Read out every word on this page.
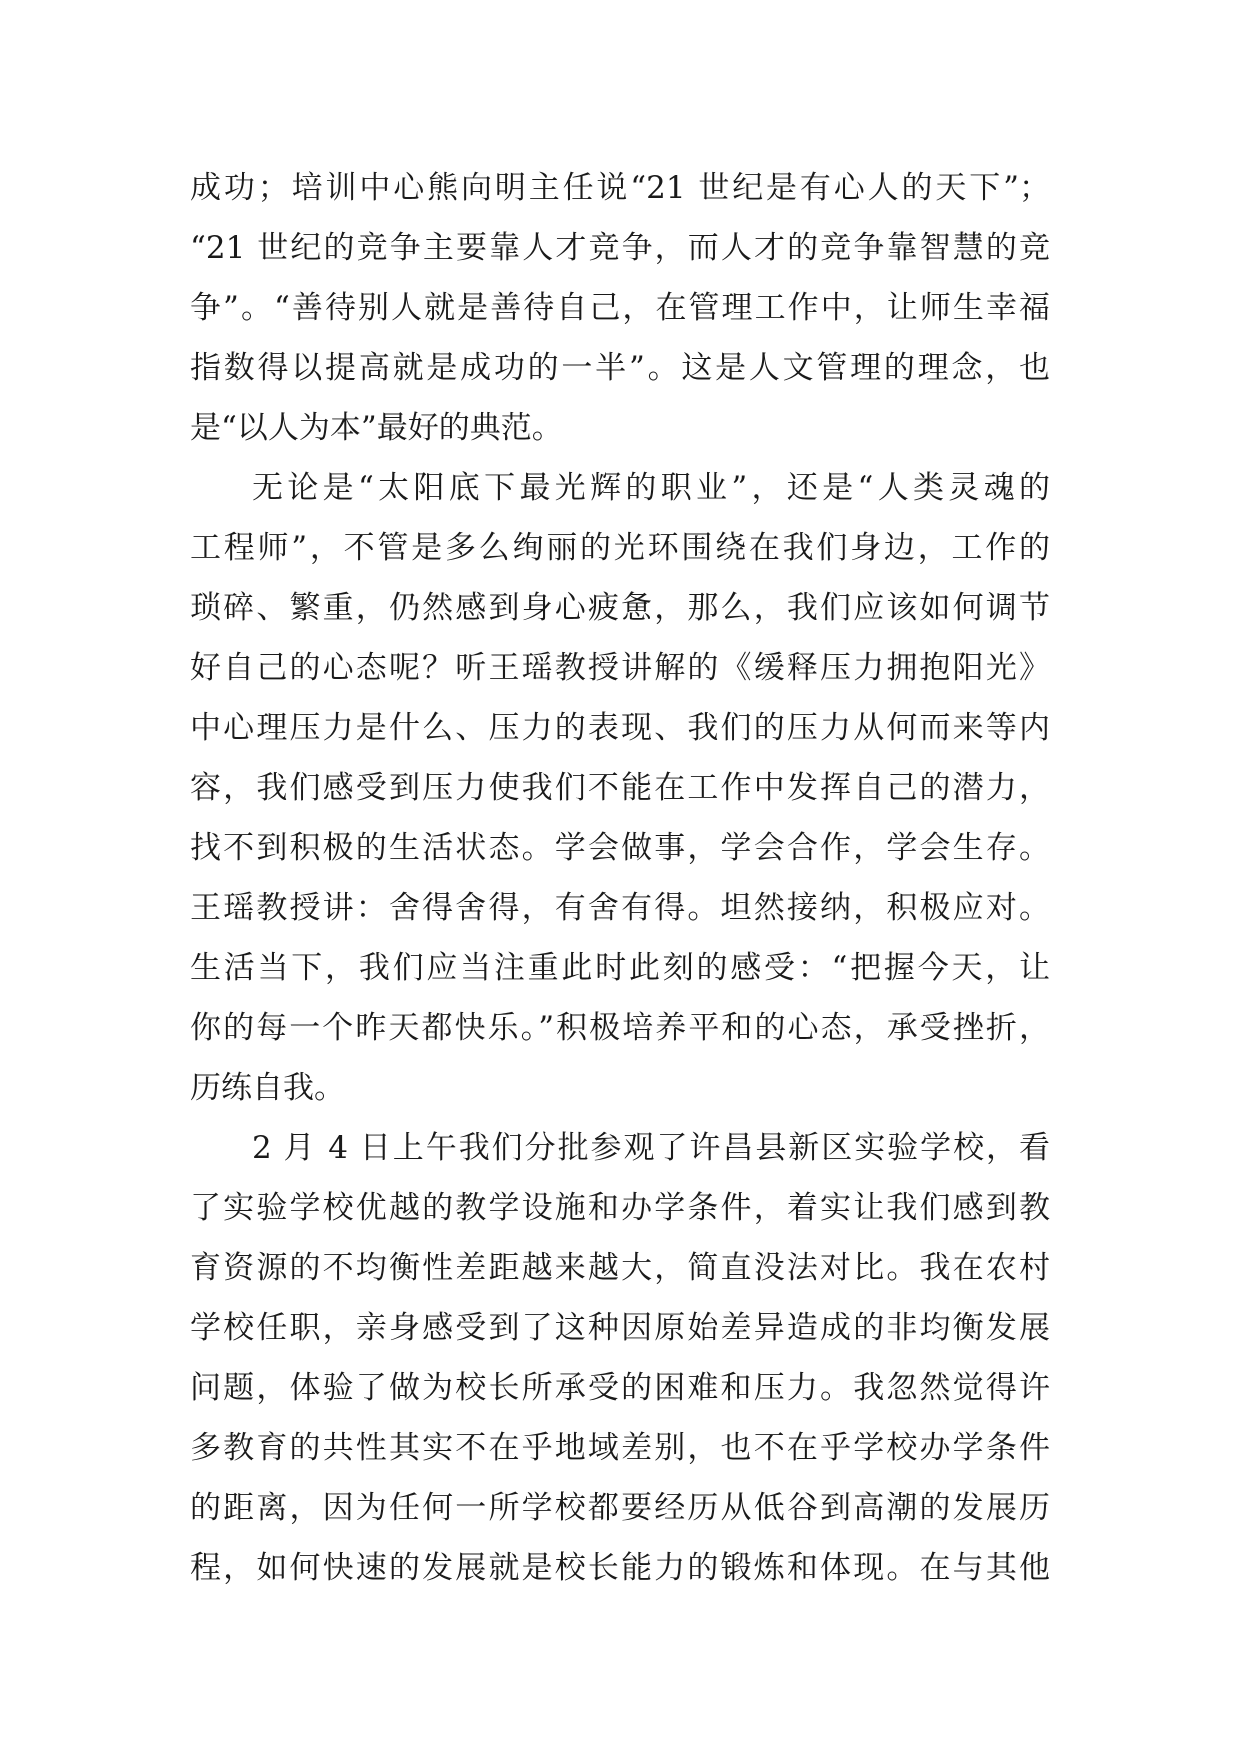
成功；培训中心熊向明主任说“21 世纪是有心人的天下”；
“21 世纪的竞争主要靠人才竞争，而人才的竞争靠智慧的竞
争”。“善待别人就是善待自己，在管理工作中，让师生幸福
指数得以提高就是成功的一半”。这是人文管理的理念，也
是“以人为本”最好的典范。
无论是“太阳底下最光辉的职业”，还是“人类灵魂的
工程师”，不管是多么绚丽的光环围绕在我们身边，工作的
琐碎、繁重，仍然感到身心疲惫，那么，我们应该如何调节
好自己的心态呢？听王瑶教授讲解的《缓释压力拥抱阳光》
中心理压力是什么、压力的表现、我们的压力从何而来等内
容，我们感受到压力使我们不能在工作中发挥自己的潜力，
找不到积极的生活状态。学会做事，学会合作，学会生存。
王瑶教授讲：舍得舍得，有舍有得。坦然接纳，积极应对。
生活当下，我们应当注重此时此刻的感受：“把握今天，让
你的每一个昨天都快乐。”积极培养平和的心态，承受挫折，
历练自我。
2 月 4 日上午我们分批参观了许昌县新区实验学校，看
了实验学校优越的教学设施和办学条件，着实让我们感到教
育资源的不均衡性差距越来越大，简直没法对比。我在农村
学校任职，亲身感受到了这种因原始差异造成的非均衡发展
问题，体验了做为校长所承受的困难和压力。我忽然觉得许
多教育的共性其实不在乎地域差别，也不在乎学校办学条件
的距离，因为任何一所学校都要经历从低谷到高潮的发展历
程，如何快速的发展就是校长能力的锻炼和体现。在与其他
